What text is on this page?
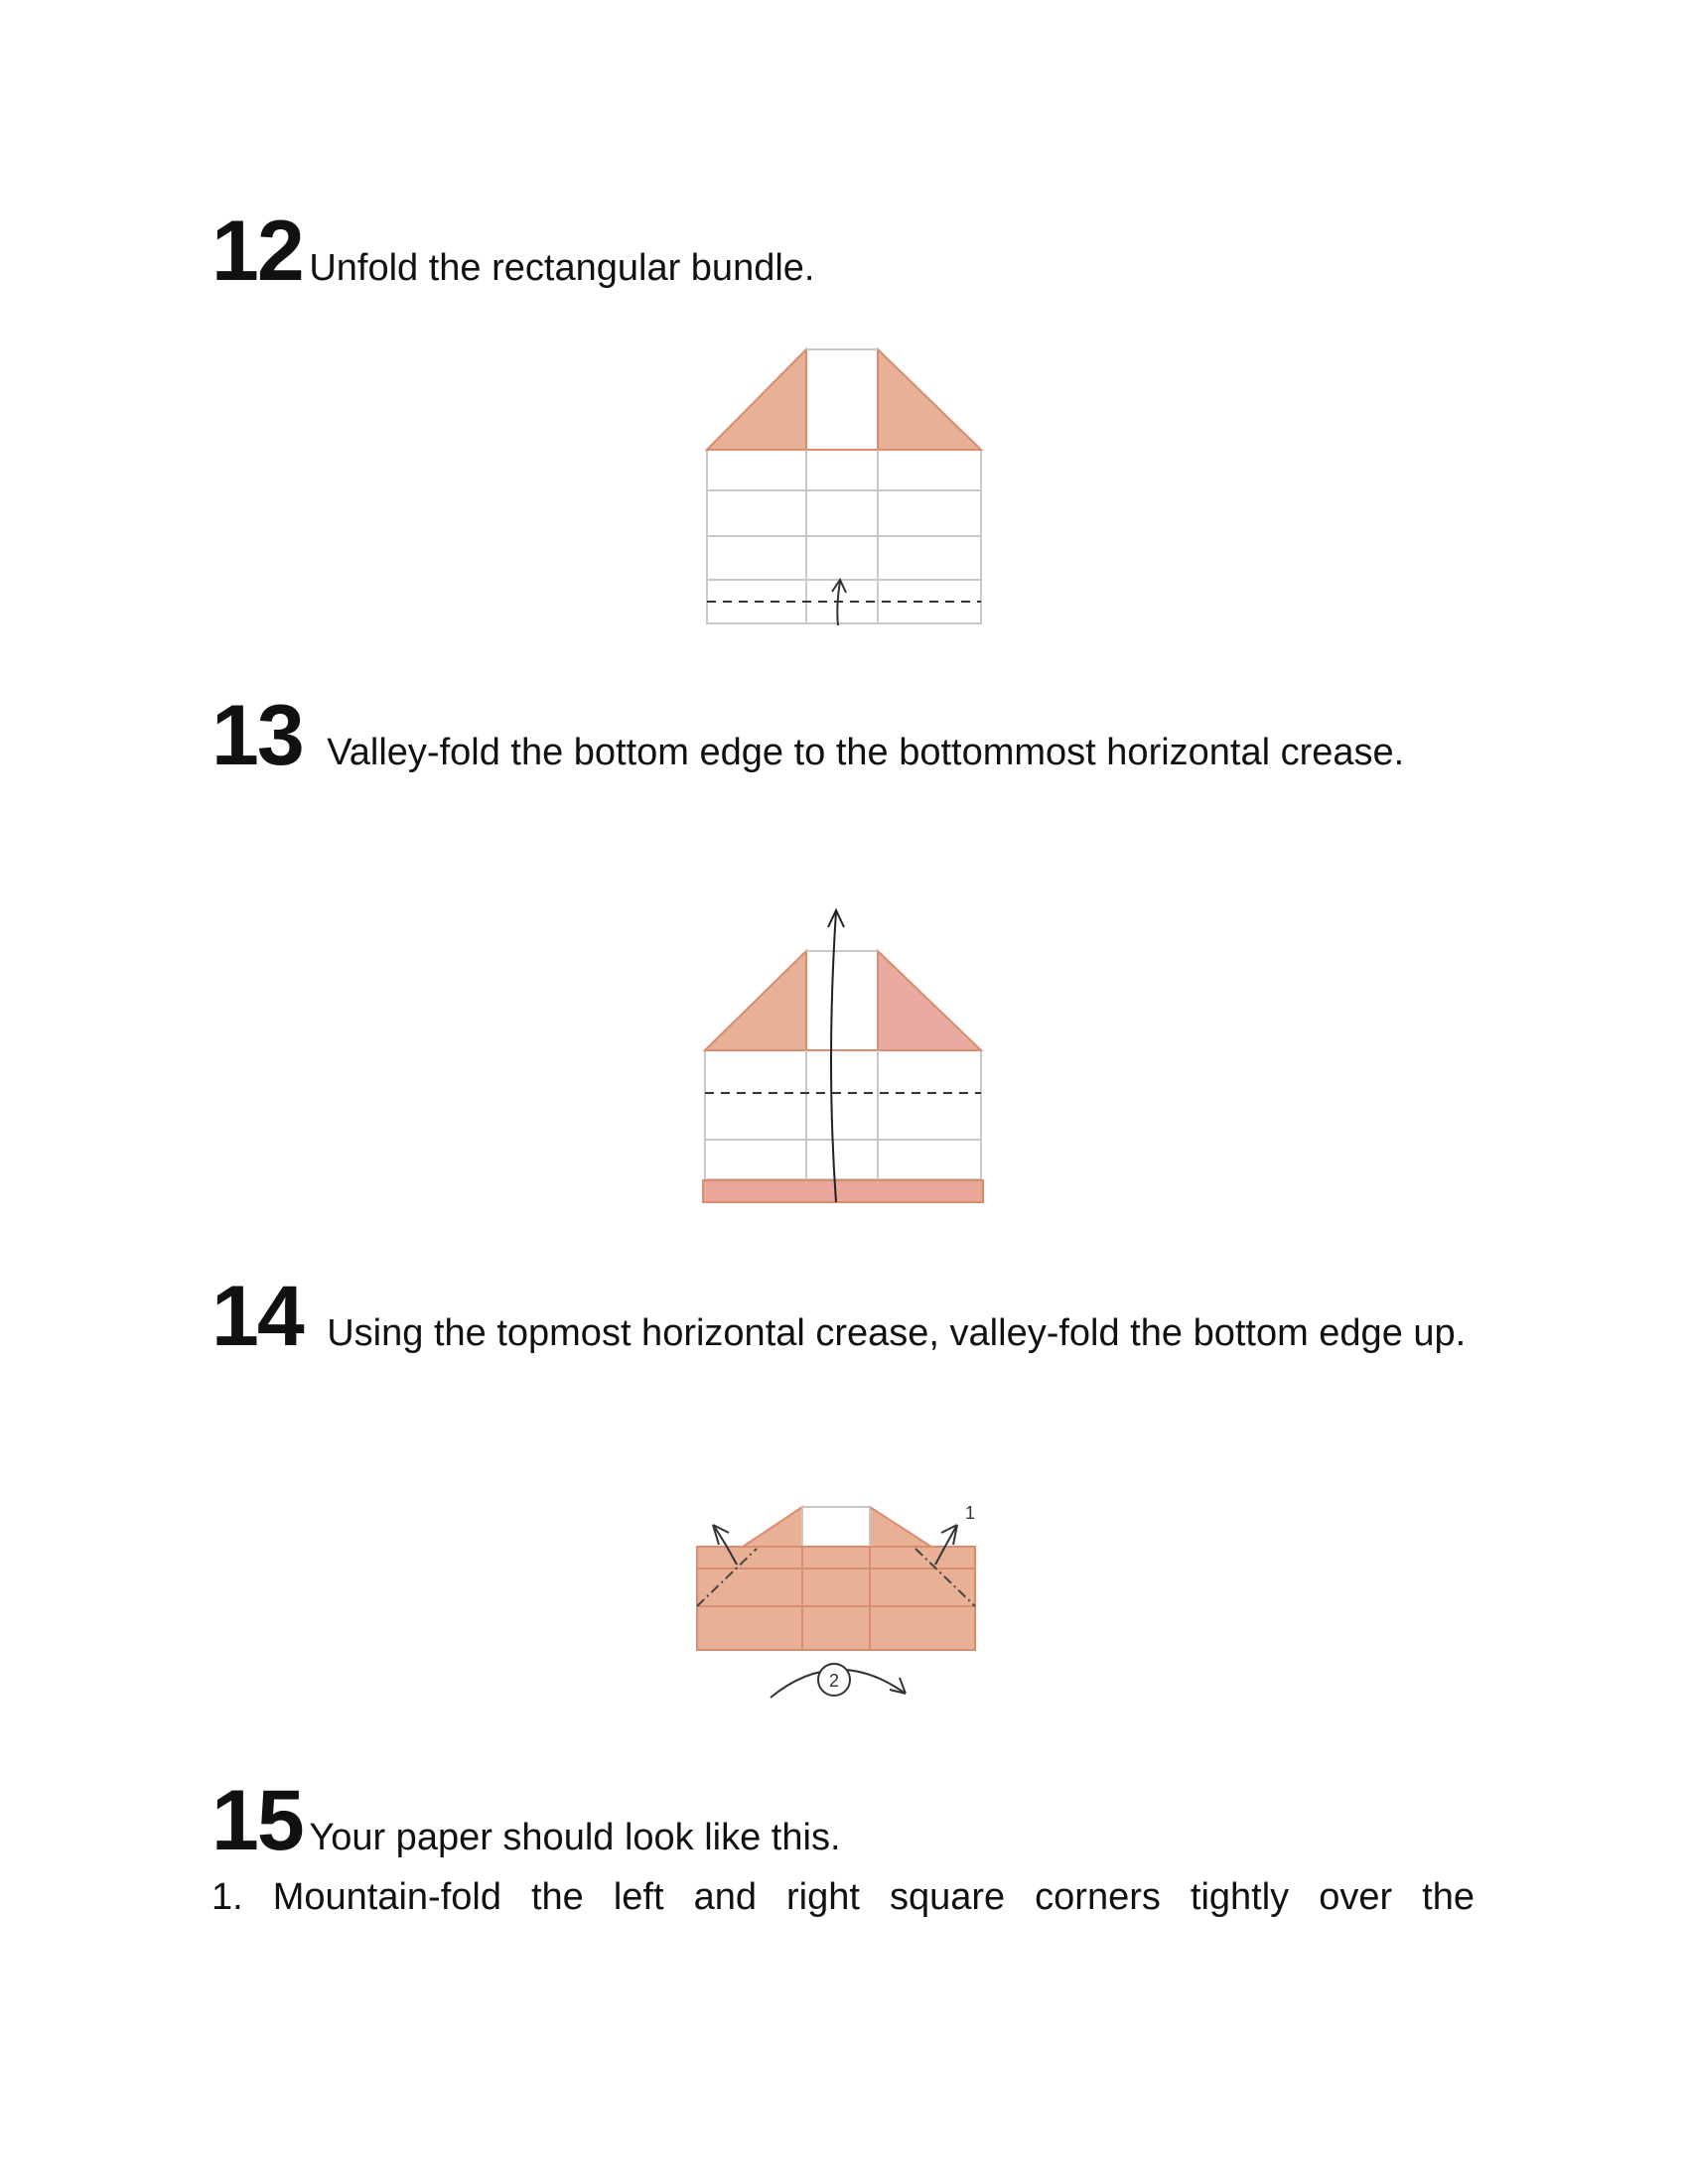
12 Unfold the rectangular bundle.

13 Valley-fold the bottom edge to the bottommost horizontal crease.

14 Using the topmost horizontal crease, valley-fold the bottom edge up.

1
2
15 Your paper should look like this.

1. Mountain-fold the left and right square corners tightly over the
